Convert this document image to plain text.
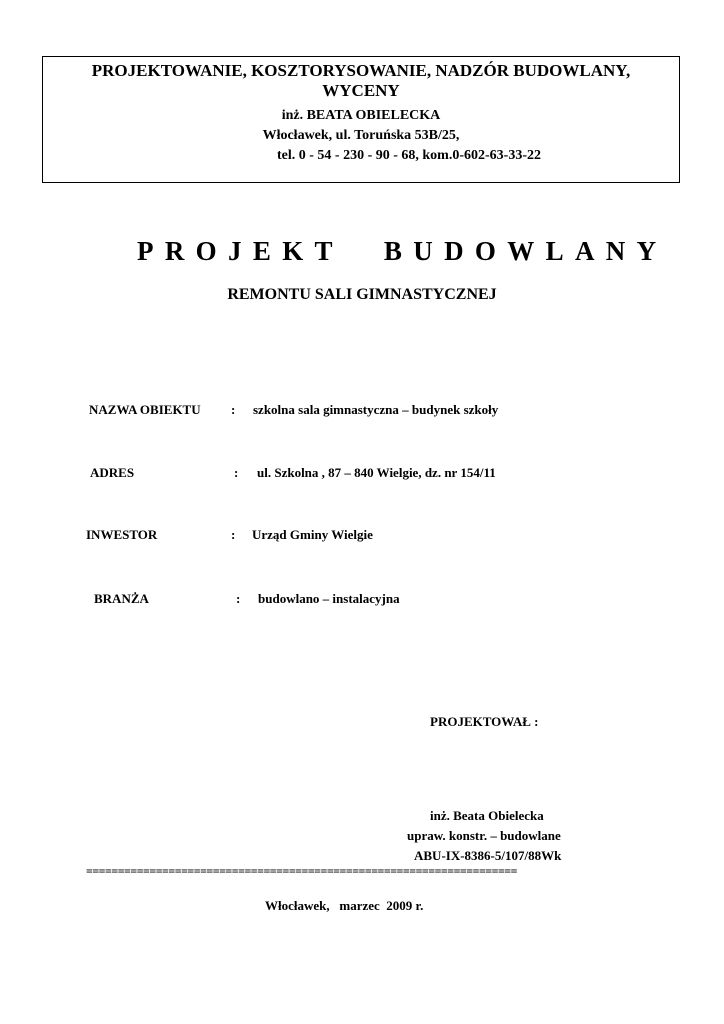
PROJEKTOWANIE, KOSZTORYSOWANIE, NADZÓR BUDOWLANY,
WYCENY
inż. BEATA OBIELECKA
Włocławek, ul. Toruńska 53B/25,
tel. 0 - 54 - 230 - 90 - 68, kom.0-602-63-33-22
PROJEKT BUDOWLANY
REMONTU SALI GIMNASTYCZNEJ
NAZWA OBIEKTU : szkolna sala gimnastyczna – budynek szkoły
ADRES	: ul. Szkolna , 87 – 840 Wielgie, dz. nr 154/11
INWESTOR	: Urząd Gminy Wielgie
BRANŻA	: budowlano – instalacyjna
PROJEKTOWAŁ :
inż. Beata Obielecka
upraw. konstr. – budowlane
ABU-IX-8386-5/107/88Wk
====================================================================
Włocławek,   marzec  2009 r.
